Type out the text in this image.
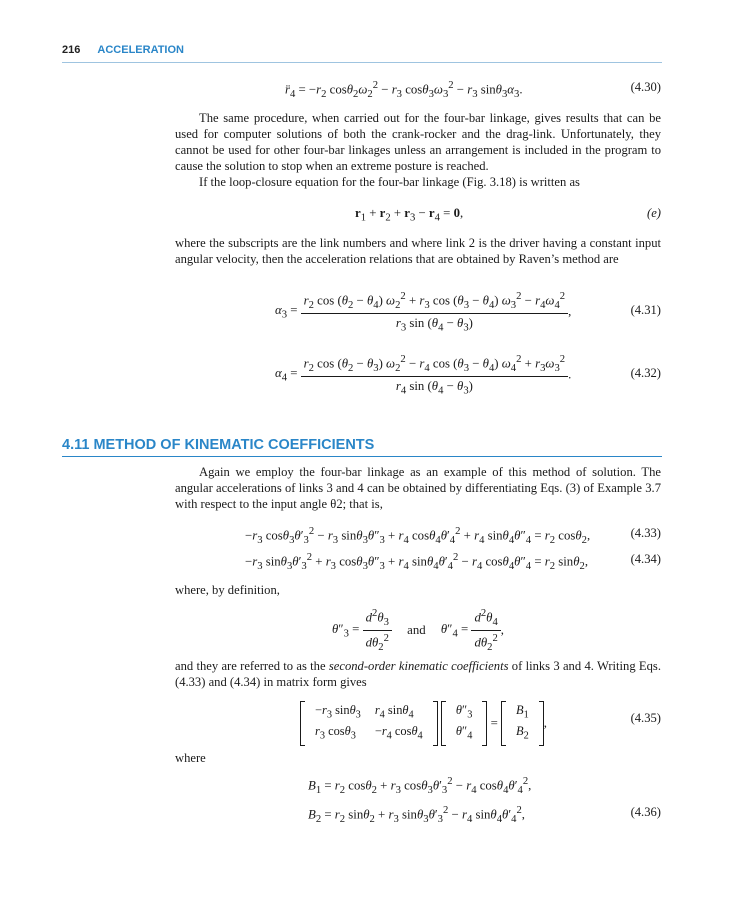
216 ACCELERATION
$r̈_4 = -r_2$ $\cos\theta_2\omega_2^2 - r_3$ $\cos\theta_3\omega_3^2 - r_3$ $\sin\theta_3\alpha_3$.	(4.30)

The same procedure, when carried out for the four-bar linkage, gives results that can be used for computer solutions of both the crank-rocker and the drag-link. Unfortunately, they cannot be used for other four-bar linkages unless an arrangement is included in the program to cause the solution to stop when an extreme posture is reached.

If the loop-closure equation for the four-bar linkage (Fig. 3.18) is written as

$r_1 + r_2 + r_3 - r_4 = 0$,	(e)

where the subscripts are the link numbers and where link 2 is the driver having a constant input angular velocity, then the acceleration relations that are obtained by Raven’s method are

$\alpha_3 = \frac{r_2 \cos (\theta_2 - \theta_4) \omega_2^2 + r_3 \cos (\theta_3 - \theta_4) \omega_3^2 - r_4\omega_4^2}{r_3 \sin (\theta_4 - \theta_3)}$ ,	(4.31)
$\alpha_4 = \frac{r_2 \cos (\theta_2 - \theta_3) \omega_2^2 - r_4 \cos (\theta_3 - \theta_4) \omega_4^2 + r_3\omega_3^2}{r_4 \sin (\theta_4 - \theta_3)}$ .	(4.32)
4.11 METHOD OF KINEMATIC COEFFICIENTS

Again we employ the four-bar linkage as an example of this method of solution. The angular accelerations of links 3 and 4 can be obtained by differentiating Eqs. (3) of Example 3.7 with respect to the input angle θ2; that is,

$-r_3$ $\cos\theta_3\theta'_3^2 - r_3$ $\sin\theta_3\theta''_3 + r_4$ $\cos\theta_4\theta'_4^2 + r_4$ $\sin\theta_4\theta''_4 = r_2$ cosθ$_2$,	(4.33)
$-r_3$ $\sin\theta_3\theta'_3^2 + r_3$ $\cos\theta_3\theta''_3 + r_4$ $\sin\theta_4\theta'_4^2 - r_4$ $\cos\theta_4\theta''_4 = r_2$ sinθ$_2$,	(4.34)

where, by definition,

$\theta''_3 = \frac{d^2\theta_3}{d\theta_2^2}$ and $\theta''_4 = \frac{d^2\theta_4}{d\theta_2^2}$ ,

and they are referred to as the second-order kinematic coefficients of links 3 and 4. Writing Eqs. (4.33) and (4.34) in matrix form gives

$-r_3$ sinθ$_3$	$r_4$ sinθ$_4$
$r_3$ cosθ$_3$	$-r_4$ cosθ$_4$

$\theta''_3$
$\theta''_4$
=
$B_1$
$B_2$
,	(4.35)

where

$B_1 = r_2$ $\cos\theta_2 + r_3$ $\cos\theta_3\theta'_3^2 - r_4$ $\cos\theta_4\theta'_4^2$,
$B_2 = r_2$ $\sin\theta_2 + r_3$ $\sin\theta_3\theta'_3^2 - r_4$ $\sin\theta_4\theta'_4^2$,	(4.36)
